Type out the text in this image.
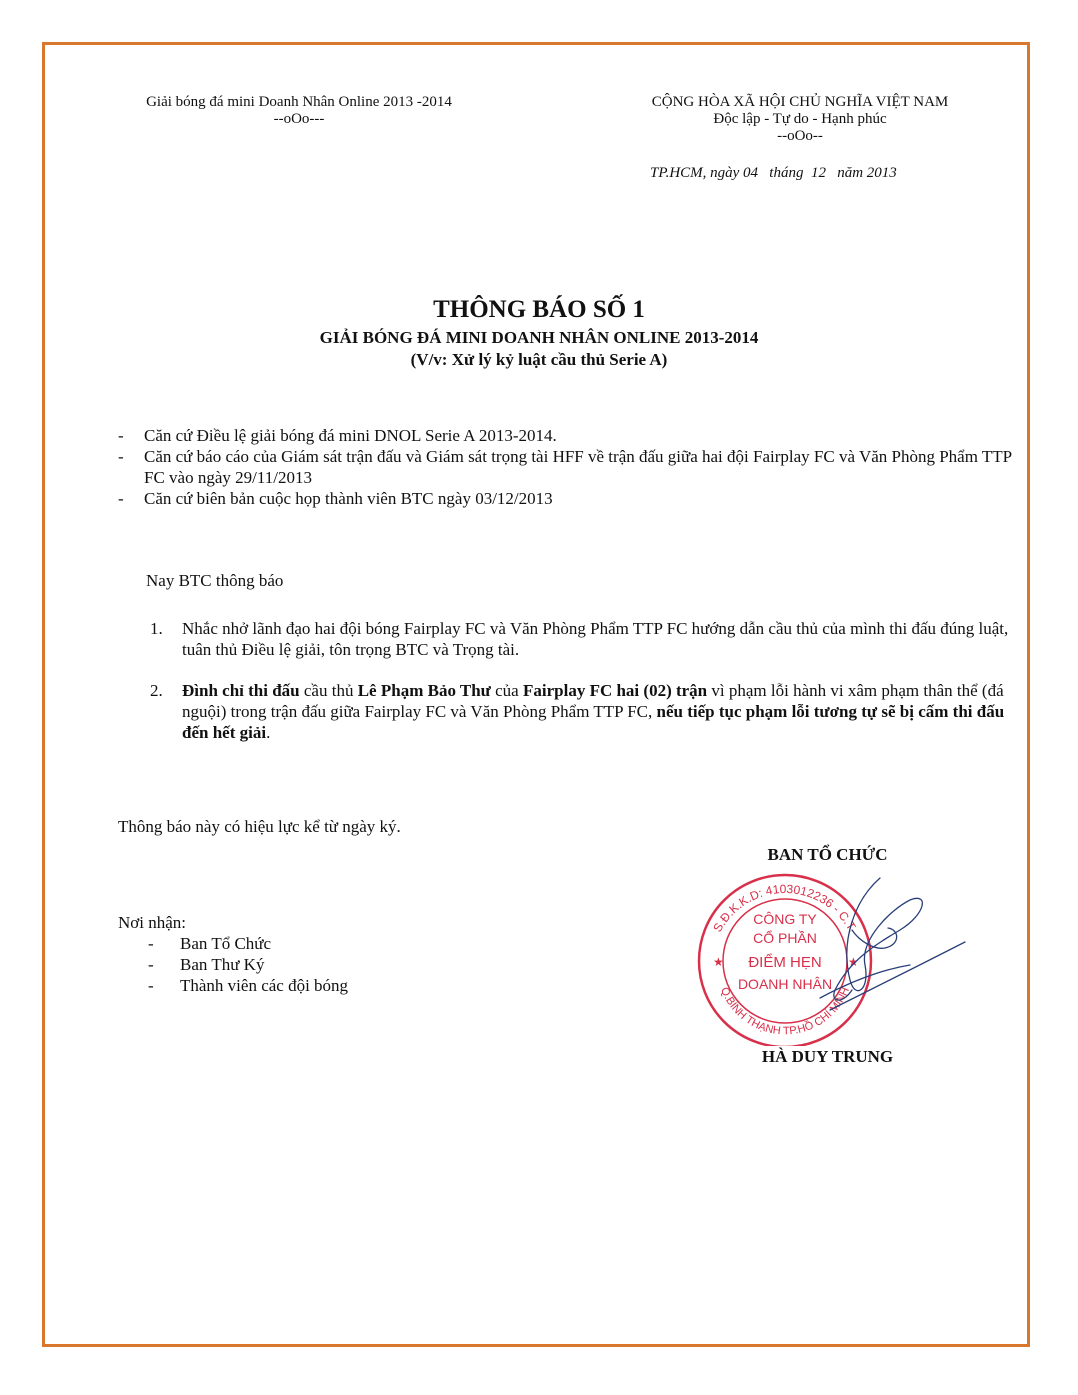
Giải bóng đá mini Doanh Nhân Online 2013 -2014
--oOo---
CỘNG HÒA XÃ HỘI CHỦ NGHĨA VIỆT NAM
Độc lập - Tự do - Hạnh phúc
--oOo--
TP.HCM, ngày 04   tháng  12   năm 2013
THÔNG BÁO SỐ 1
GIẢI BÓNG ĐÁ MINI DOANH NHÂN ONLINE 2013-2014
(V/v: Xử lý kỷ luật cầu thủ Serie A)
- Căn cứ Điều lệ giải bóng đá mini DNOL Serie A 2013-2014.
- Căn cứ báo cáo của Giám sát trận đấu và Giám sát trọng tài HFF về trận đấu giữa hai đội Fairplay FC và Văn Phòng Phẩm TTP FC vào ngày 29/11/2013
- Căn cứ biên bản cuộc họp thành viên BTC ngày 03/12/2013
Nay BTC thông báo
1. Nhắc nhở lãnh đạo hai đội bóng Fairplay FC và Văn Phòng Phẩm TTP FC hướng dẫn cầu thủ của mình thi đấu đúng luật, tuân thủ Điều lệ giải, tôn trọng BTC và Trọng tài.
2. Đình chỉ thi đấu cầu thủ Lê Phạm Bảo Thư của Fairplay FC hai (02) trận vì phạm lỗi hành vi xâm phạm thân thể (đá nguội) trong trận đấu giữa Fairplay FC và Văn Phòng Phẩm TTP FC, nếu tiếp tục phạm lỗi tương tự sẽ bị cấm thi đấu đến hết giải.
Thông báo này có hiệu lực kể từ ngày ký.
BAN TỔ CHỨC
S.Đ.K.K.D: 4103012236 - C.T.
Q.BÌNH THẠNH TP.HỒ CHÍ MINH
★	★
CÔNG TY
CỔ PHẦN
ĐIỂM HẸN
DOANH NHÂN
HÀ DUY TRUNG
Nơi nhận:
- Ban Tổ Chức
- Ban Thư Ký
- Thành viên các đội bóng
